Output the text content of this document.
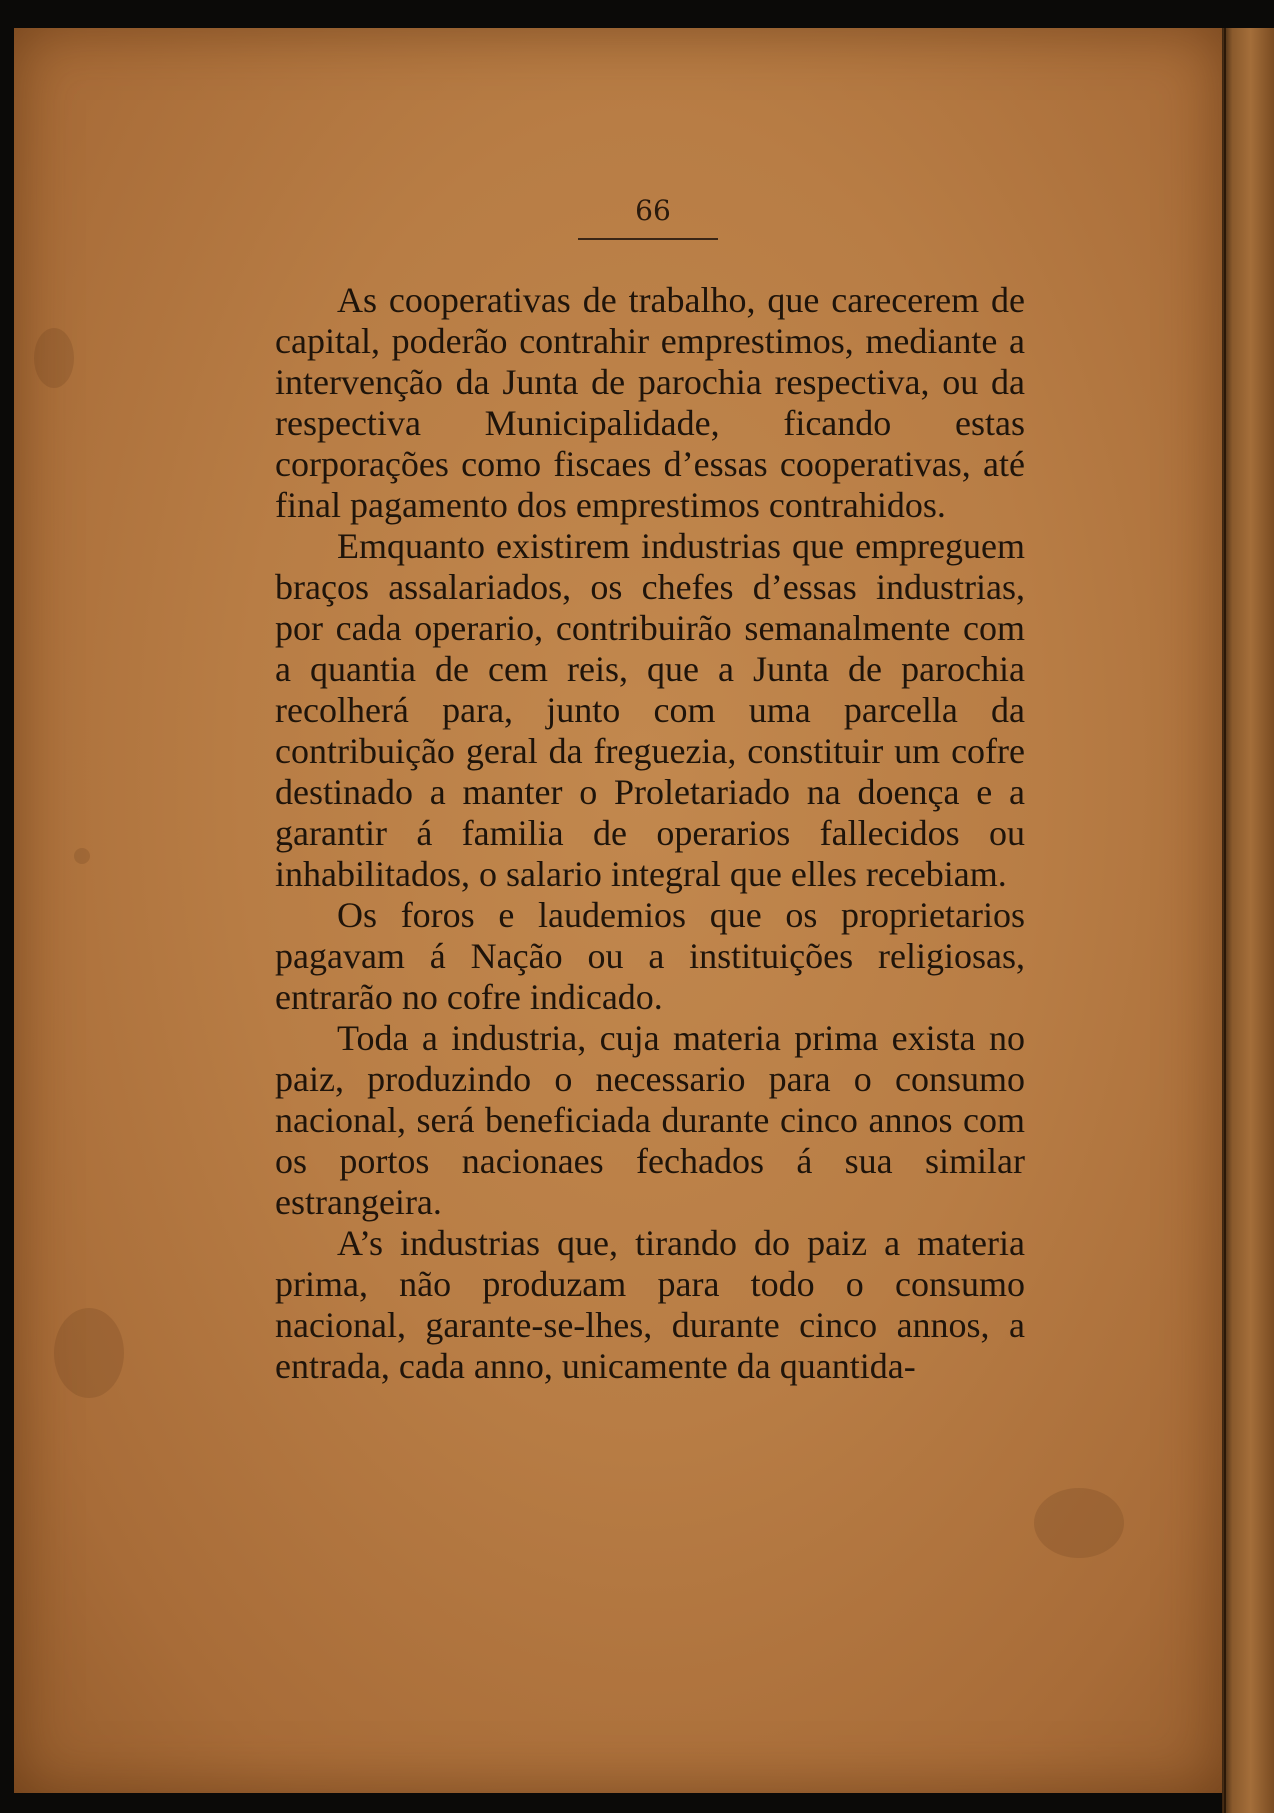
66

As cooperativas de trabalho, que carecerem de capital, poderão contrahir emprestimos, mediante a intervenção da Junta de parochia respectiva, ou da respectiva Municipalidade, ficando estas corporações como fiscaes d’essas cooperativas, até final pagamento dos emprestimos contrahidos.

Emquanto existirem industrias que empreguem braços assalariados, os chefes d’essas industrias, por cada operario, contribuirão semanalmente com a quantia de cem reis, que a Junta de parochia recolherá para, junto com uma parcella da contribuição geral da freguezia, constituir um cofre destinado a manter o Proletariado na doença e a garantir á familia de operarios fallecidos ou inhabilitados, o salario integral que elles recebiam.

Os foros e laudemios que os proprietarios pagavam á Nação ou a instituições religiosas, entrarão no cofre indicado.

Toda a industria, cuja materia prima exista no paiz, produzindo o necessario para o consumo nacional, será beneficiada durante cinco annos com os portos nacionaes fechados á sua similar estrangeira.

A’s industrias que, tirando do paiz a materia prima, não produzam para todo o consumo nacional, garante-se-lhes, durante cinco annos, a entrada, cada anno, unicamente da quantida-
